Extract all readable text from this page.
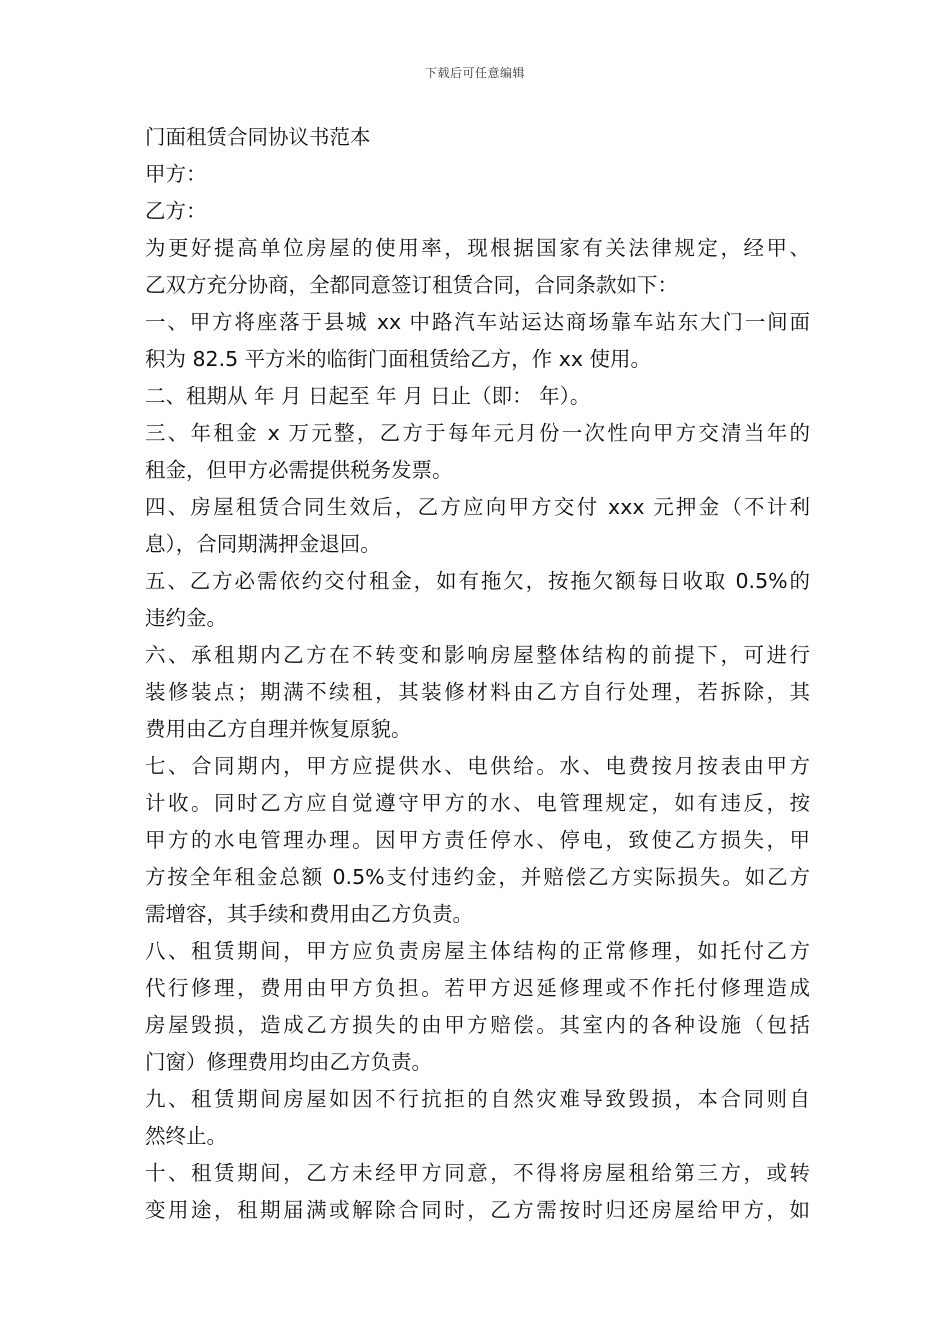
下载后可任意编辑
门面租赁合同协议书范本
甲方：
乙方：
为更好提高单位房屋的使用率，现根据国家有关法律规定，经甲、
乙双方充分协商，全都同意签订租赁合同，合同条款如下：
一、甲方将座落于县城 xx 中路汽车站运达商场靠车站东大门一间面
积为 82.5 平方米的临街门面租赁给乙方，作 xx 使用。
二、租期从 年 月 日起至 年 月 日止（即： 年）。
三、年租金 x 万元整，乙方于每年元月份一次性向甲方交清当年的
租金，但甲方必需提供税务发票。
四、房屋租赁合同生效后，乙方应向甲方交付 xxx 元押金（不计利
息），合同期满押金退回。
五、乙方必需依约交付租金，如有拖欠，按拖欠额每日收取 0.5%的
违约金。
六、承租期内乙方在不转变和影响房屋整体结构的前提下，可进行
装修装点；期满不续租，其装修材料由乙方自行处理，若拆除，其
费用由乙方自理并恢复原貌。
七、合同期内，甲方应提供水、电供给。水、电费按月按表由甲方
计收。同时乙方应自觉遵守甲方的水、电管理规定，如有违反，按
甲方的水电管理办理。因甲方责任停水、停电，致使乙方损失，甲
方按全年租金总额 0.5%支付违约金，并赔偿乙方实际损失。如乙方
需增容，其手续和费用由乙方负责。
八、租赁期间，甲方应负责房屋主体结构的正常修理，如托付乙方
代行修理，费用由甲方负担。若甲方迟延修理或不作托付修理造成
房屋毁损，造成乙方损失的由甲方赔偿。其室内的各种设施（包括
门窗）修理费用均由乙方负责。
九、租赁期间房屋如因不行抗拒的自然灾难导致毁损，本合同则自
然终止。
十、租赁期间，乙方未经甲方同意，不得将房屋租给第三方，或转
变用途，租期届满或解除合同时，乙方需按时归还房屋给甲方，如
